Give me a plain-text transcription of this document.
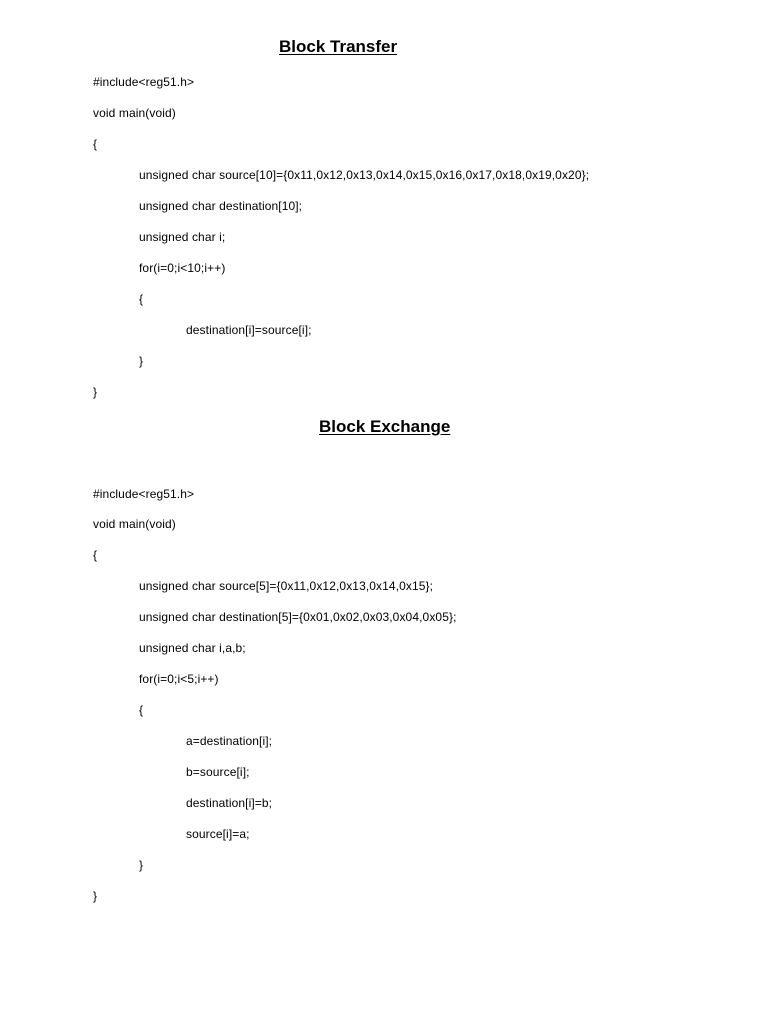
Block Transfer
#include<reg51.h>
void main(void)
{
unsigned char source[10]={0x11,0x12,0x13,0x14,0x15,0x16,0x17,0x18,0x19,0x20};
unsigned char destination[10];
unsigned char i;
for(i=0;i<10;i++)
{
destination[i]=source[i];
}
}
Block Exchange
#include<reg51.h>
void main(void)
{
unsigned char source[5]={0x11,0x12,0x13,0x14,0x15};
unsigned char destination[5]={0x01,0x02,0x03,0x04,0x05};
unsigned char i,a,b;
for(i=0;i<5;i++)
{
a=destination[i];
b=source[i];
destination[i]=b;
source[i]=a;
}
}
